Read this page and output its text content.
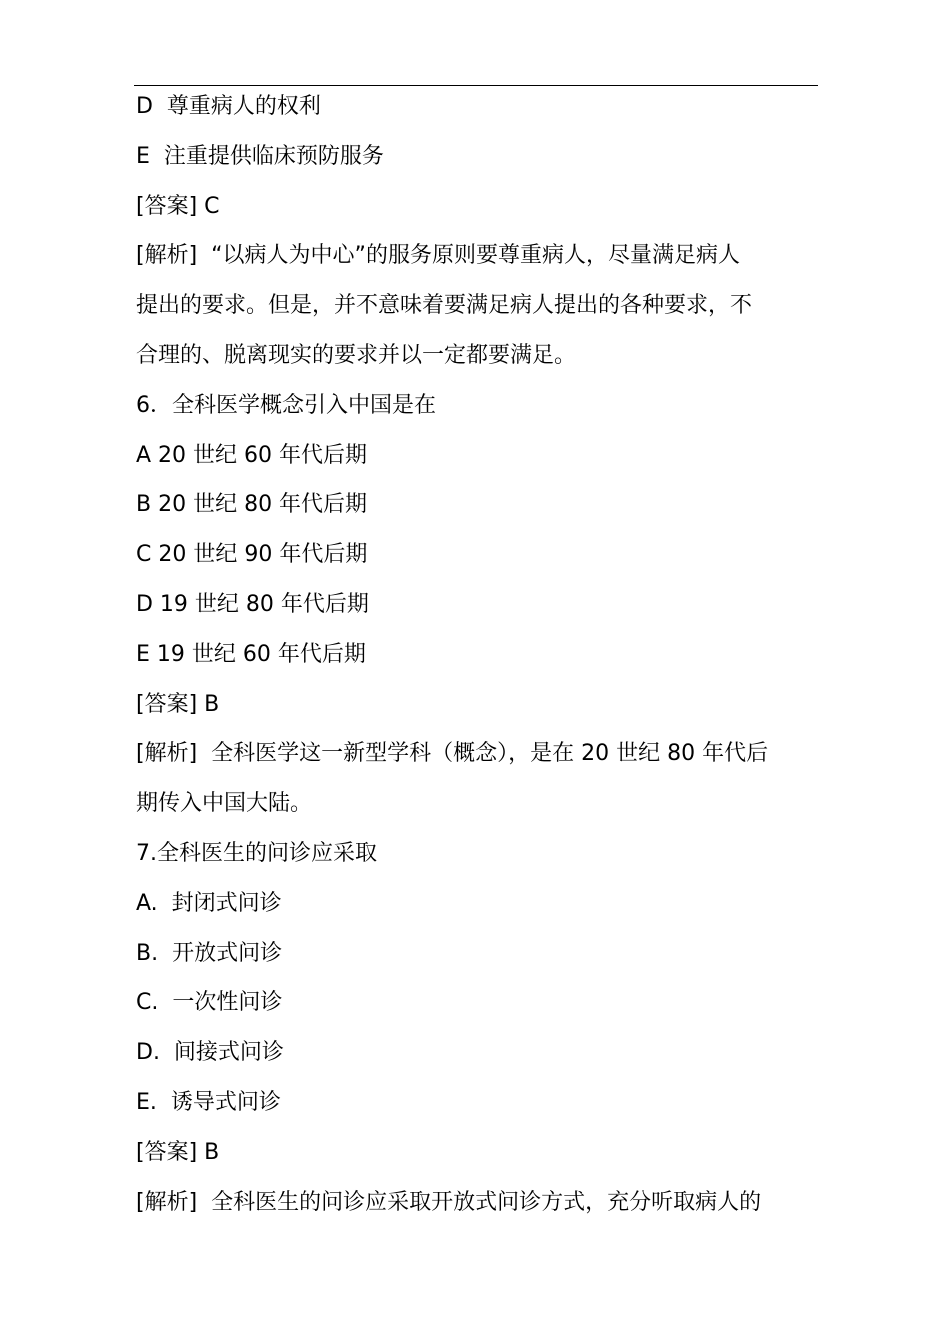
D  尊重病人的权利
E  注重提供临床预防服务
[答案] C
[解析]  “以病人为中心”的服务原则要尊重病人，尽量满足病人
提出的要求。但是，并不意味着要满足病人提出的各种要求，不
合理的、脱离现实的要求并以一定都要满足。
6．全科医学概念引入中国是在
A 20 世纪 60 年代后期
B 20 世纪 80 年代后期
C 20 世纪 90 年代后期
D 19 世纪 80 年代后期
E 19 世纪 60 年代后期
[答案] B
[解析]  全科医学这一新型学科（概念），是在 20 世纪 80 年代后
期传入中国大陆。
7.全科医生的问诊应采取
A.  封闭式问诊
B.  开放式问诊
C.  一次性问诊
D.  间接式问诊
E.  诱导式问诊
[答案] B
[解析]  全科医生的问诊应采取开放式问诊方式，充分听取病人的
